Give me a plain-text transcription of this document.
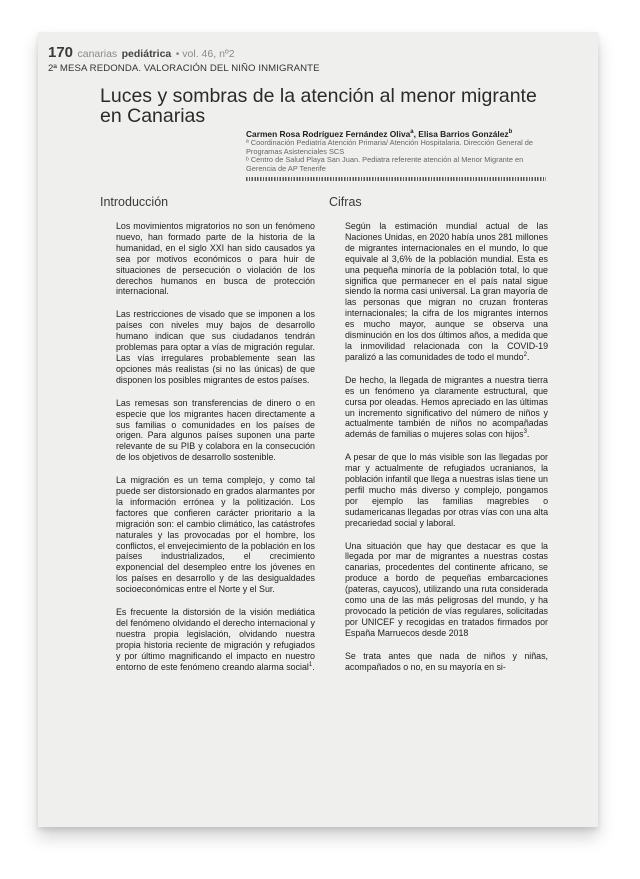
170 canarias pediátrica • vol. 46, nº2
2ª MESA REDONDA. VALORACIÓN DEL NIÑO INMIGRANTE
Luces y sombras de la atención al menor migrante
en Canarias
Carmen Rosa Rodríguez Fernández Oliva$^a$, Elisa Barrios González$^b$
ª Coordinación Pediatría Atención Primaria/ Atención Hospitalaria. Dirección General de Programas Asistenciales SCS
ᵇ Centro de Salud Playa San Juan. Pediatra referente atención al Menor Migrante en Gerencia de AP Tenerife
Introducción

Los movimientos migratorios no son un fenómeno nuevo, han formado parte de la historia de la humanidad, en el siglo XXI han sido causados ya sea por motivos económicos o para huir de situaciones de persecución o violación de los derechos humanos en busca de protección internacional.

Las restricciones de visado que se imponen a los países con niveles muy bajos de desarrollo humano indican que sus ciudadanos tendrán problemas para optar a vías de migración regular. Las vías irregulares probablemente sean las opciones más realistas (si no las únicas) de que disponen los posibles migrantes de estos países.

Las remesas son transferencias de dinero o en especie que los migrantes hacen directamente a sus familias o comunidades en los países de origen. Para algunos países suponen una parte relevante de su PIB y colabora en la consecución de los objetivos de desarrollo sostenible.

La migración es un tema complejo, y como tal puede ser distorsionado en grados alarmantes por la información errónea y la politización. Los factores que confieren carácter prioritario a la migración son: el cambio climático, las catástrofes naturales y las provocadas por el hombre, los conflictos, el envejecimiento de la población en los países industrializados, el crecimiento exponencial del desempleo entre los jóvenes en los países en desarrollo y de las desigualdades socioeconómicas entre el Norte y el Sur.

Es frecuente la distorsión de la visión mediática del fenómeno olvidando el derecho internacional y nuestra propia legislación, olvidando nuestra propia historia reciente de migración y refugiados y por último magnificando el impacto en nuestro entorno de este fenómeno creando alarma social$^1$.

Cifras

Según la estimación mundial actual de las Naciones Unidas, en 2020 había unos 281 millones de migrantes internacionales en el mundo, lo que equivale al 3,6% de la población mundial. Esta es una pequeña minoría de la población total, lo que significa que permanecer en el país natal sigue siendo la norma casi universal. La gran mayoría de las personas que migran no cruzan fronteras internacionales; la cifra de los migrantes internos es mucho mayor, aunque se observa una disminución en los dos últimos años, a medida que la inmovilidad relacionada con la COVID-19 paralizó a las comunidades de todo el mundo$^2$.

De hecho, la llegada de migrantes a nuestra tierra es un fenómeno ya claramente estructural, que cursa por oleadas. Hemos apreciado en las últimas un incremento significativo del número de niños y actualmente también de niños no acompañadas además de familias o mujeres solas con hijos$^3$.

A pesar de que lo más visible son las llegadas por mar y actualmente de refugiados ucranianos, la población infantil que llega a nuestras islas tiene un perfil mucho más diverso y complejo, pongamos por ejemplo las familias magrebíes o sudamericanas llegadas por otras vías con una alta precariedad social y laboral.

Una situación que hay que destacar es que la llegada por mar de migrantes a nuestras costas canarias, procedentes del continente africano, se produce a bordo de pequeñas embarcaciones (pateras, cayucos), utilizando una ruta considerada como una de las más peligrosas del mundo, y ha provocado la petición de vías regulares, solicitadas por UNICEF y recogidas en tratados firmados por España Marruecos desde 2018

Se trata antes que nada de niños y niñas, acompañados o no, en su mayoría en si-
